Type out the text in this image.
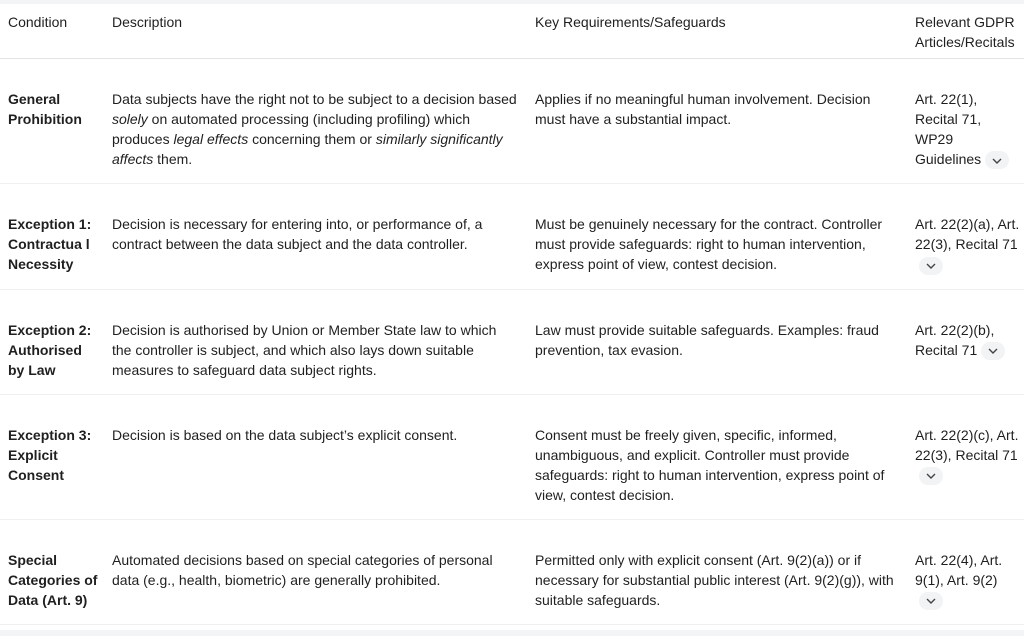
Condition	Description	Key Requirements/Safeguards	Relevant GDPR Articles/Recitals
General Prohibition	Data subjects have the right not to be subject to a decision based solely on automated processing (including profiling) which produces legal effects concerning them or similarly significantly affects them.	Applies if no meaningful human involvement. Decision must have a substantial impact.	Art. 22(1), Recital 71, WP29 Guidelines
Exception 1: Contractua l Necessity	Decision is necessary for entering into, or performance of, a contract between the data subject and the data controller.	Must be genuinely necessary for the contract. Controller must provide safeguards: right to human intervention, express point of view, contest decision.	Art. 22(2)(a), Art. 22(3), Recital 71
Exception 2: Authorised by Law	Decision is authorised by Union or Member State law to which the controller is subject, and which also lays down suitable measures to safeguard data subject rights.	Law must provide suitable safeguards. Examples: fraud prevention, tax evasion.	Art. 22(2)(b), Recital 71
Exception 3: Explicit Consent	Decision is based on the data subject’s explicit consent.	Consent must be freely given, specific, informed, unambiguous, and explicit. Controller must provide safeguards: right to human intervention, express point of view, contest decision.	Art. 22(2)(c), Art. 22(3), Recital 71
Special Categories of Data (Art. 9)	Automated decisions based on special categories of personal data (e.g., health, biometric) are generally prohibited.	Permitted only with explicit consent (Art. 9(2)(a)) or if necessary for substantial public interest (Art. 9(2)(g)), with suitable safeguards.	Art. 22(4), Art. 9(1), Art. 9(2)
